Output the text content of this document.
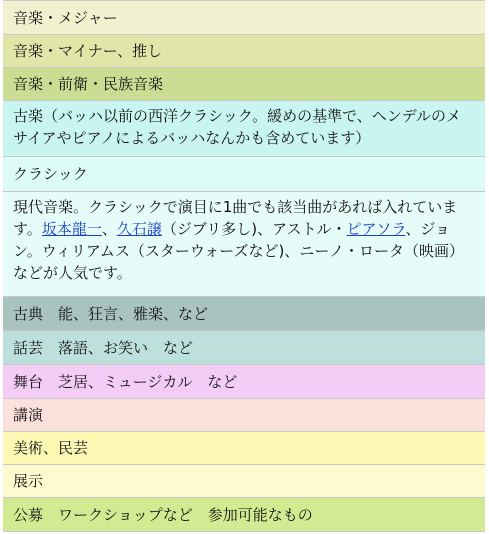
音楽・メジャー
音楽・マイナー、推し
音楽・前衛・民族音楽
古楽（バッハ以前の西洋クラシック。緩めの基準で、ヘンデルのメサイアやピアノによるバッハなんかも含めています）
クラシック
現代音楽。クラシックで演目に1曲でも該当曲があれば入れています。坂本龍一、久石譲（ジブリ多し)、アストル・ピアソラ、ジョン。ウィリアムス（スターウォーズなど)、ニーノ・ロータ（映画）などが人気です。
古典　能、狂言、雅楽、など
話芸　落語、お笑い　など
舞台　芝居、ミュージカル　など
講演
美術、民芸
展示
公募　ワークショップなど　参加可能なもの
